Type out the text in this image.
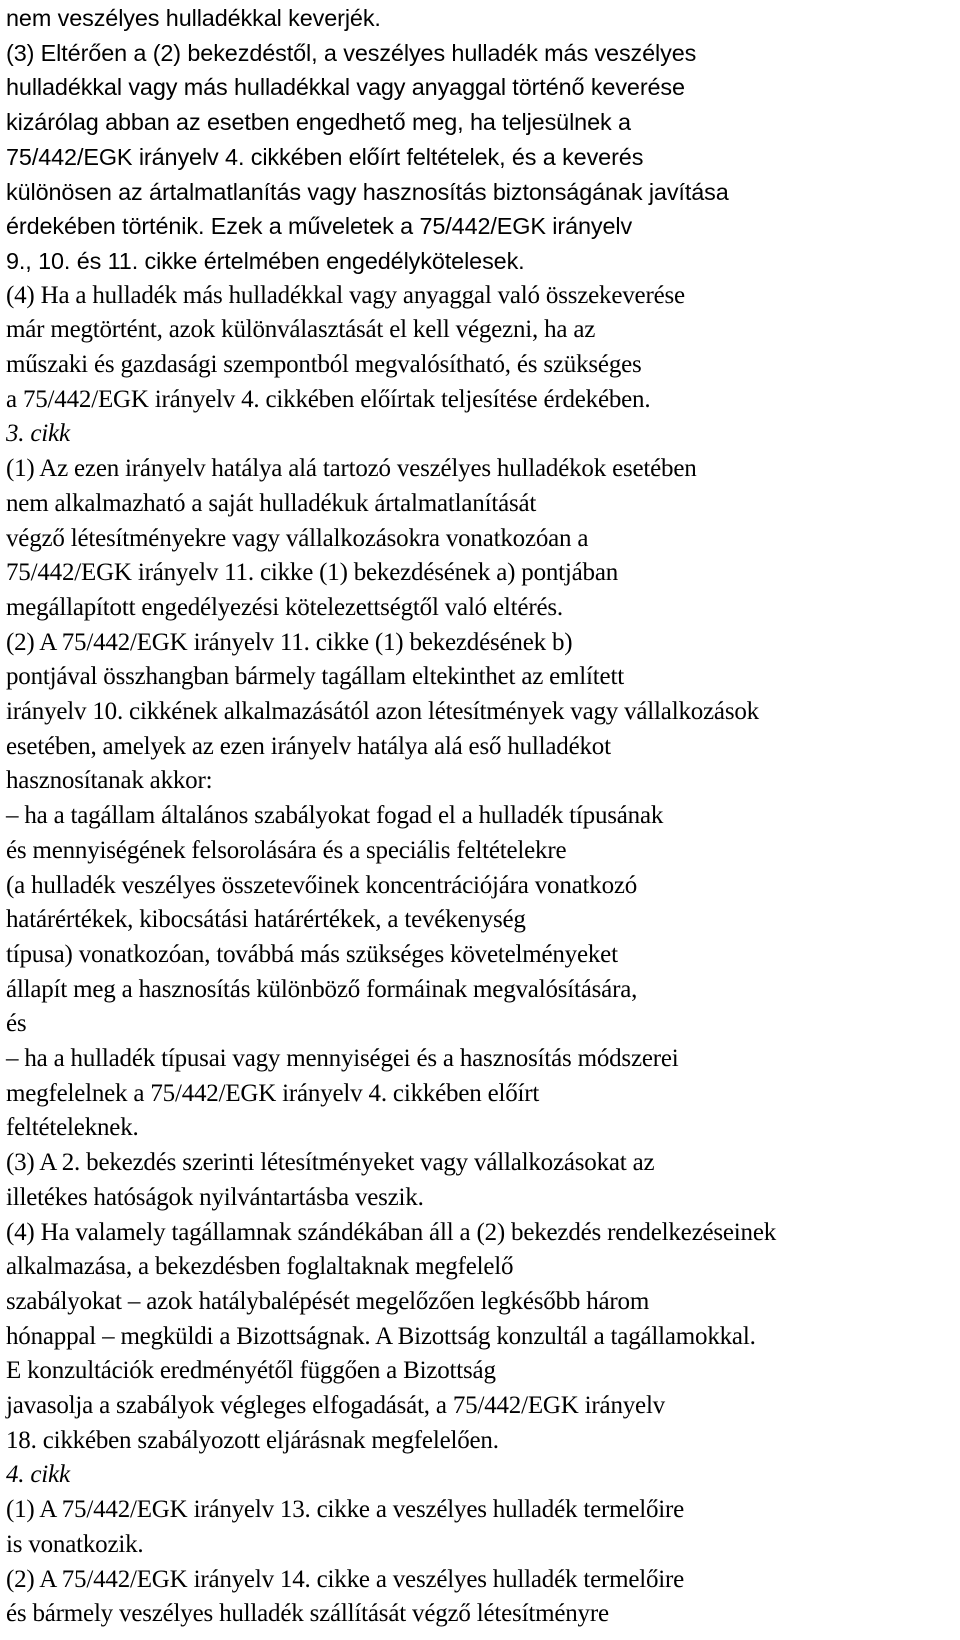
nem veszélyes hulladékkal keverjék.
(3) Eltérően a (2) bekezdéstől, a veszélyes hulladék más veszélyes
hulladékkal vagy más hulladékkal vagy anyaggal történő keverése
kizárólag abban az esetben engedhető meg, ha teljesülnek a
75/442/EGK irányelv 4. cikkében előírt feltételek, és a keverés
különösen az ártalmatlanítás vagy hasznosítás biztonságának javítása
érdekében történik. Ezek a műveletek a 75/442/EGK irányelv
9., 10. és 11. cikke értelmében engedélykötelesek.
(4) Ha a hulladék más hulladékkal vagy anyaggal való összekeverése
már megtörtént, azok különválasztását el kell végezni, ha az
műszaki és gazdasági szempontból megvalósítható, és szükséges
a 75/442/EGK irányelv 4. cikkében előírtak teljesítése érdekében.
3. cikk
(1) Az ezen irányelv hatálya alá tartozó veszélyes hulladékok esetében
nem alkalmazható a saját hulladékuk ártalmatlanítását
végző létesítményekre vagy vállalkozásokra vonatkozóan a
75/442/EGK irányelv 11. cikke (1) bekezdésének a) pontjában
megállapított engedélyezési kötelezettségtől való eltérés.
(2) A 75/442/EGK irányelv 11. cikke (1) bekezdésének b)
pontjával összhangban bármely tagállam eltekinthet az említett
irányelv 10. cikkének alkalmazásától azon létesítmények vagy vállalkozások
esetében, amelyek az ezen irányelv hatálya alá eső hulladékot
hasznosítanak akkor:
– ha a tagállam általános szabályokat fogad el a hulladék típusának
és mennyiségének felsorolására és a speciális feltételekre
(a hulladék veszélyes összetevőinek koncentrációjára vonatkozó
határértékek, kibocsátási határértékek, a tevékenység
típusa) vonatkozóan, továbbá más szükséges követelményeket
állapít meg a hasznosítás különböző formáinak megvalósítására,
és
– ha a hulladék típusai vagy mennyiségei és a hasznosítás módszerei
megfelelnek a 75/442/EGK irányelv 4. cikkében előírt
feltételeknek.
(3) A 2. bekezdés szerinti létesítményeket vagy vállalkozásokat az
illetékes hatóságok nyilvántartásba veszik.
(4) Ha valamely tagállamnak szándékában áll a (2) bekezdés rendelkezéseinek
alkalmazása, a bekezdésben foglaltaknak megfelelő
szabályokat – azok hatálybalépését megelőzően legkésőbb három
hónappal – megküldi a Bizottságnak. A Bizottság konzultál a tagállamokkal.
E konzultációk eredményétől függően a Bizottság
javasolja a szabályok végleges elfogadását, a 75/442/EGK irányelv
18. cikkében szabályozott eljárásnak megfelelően.
4. cikk
(1) A 75/442/EGK irányelv 13. cikke a veszélyes hulladék termelőire
is vonatkozik.
(2) A 75/442/EGK irányelv 14. cikke a veszélyes hulladék termelőire
és bármely veszélyes hulladék szállítását végző létesítményre
